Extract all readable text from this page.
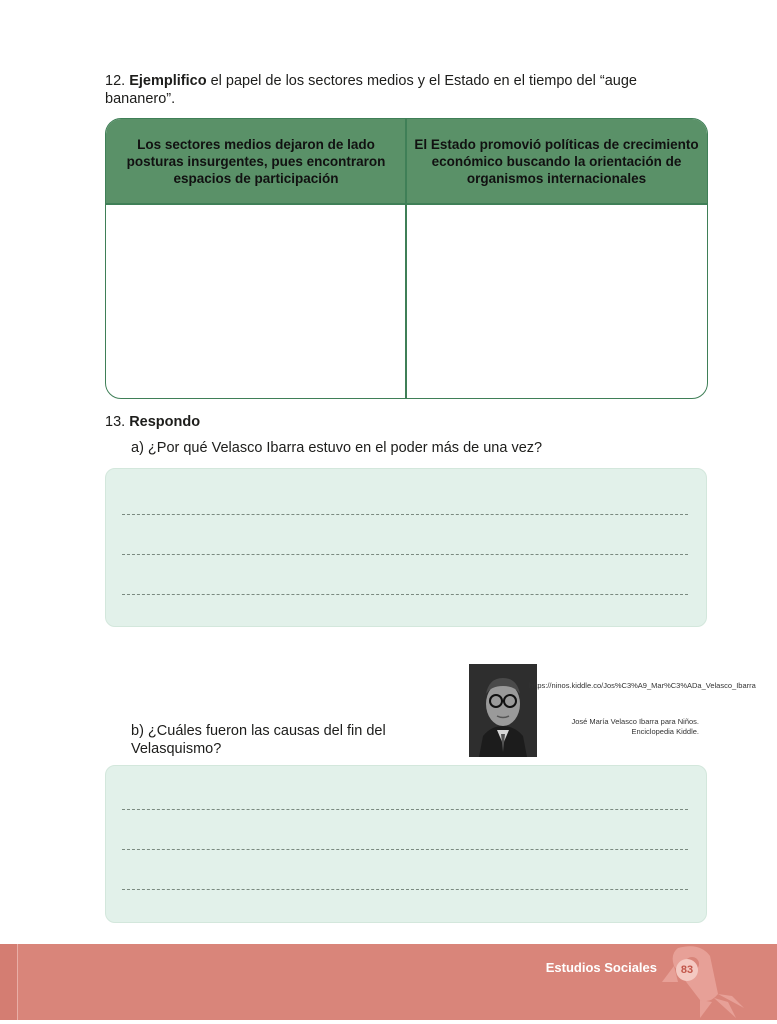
12. Ejemplifico el papel de los sectores medios y el Estado en el tiempo del “auge bananero”.

Los sectores medios dejaron de lado posturas insurgentes, pues encontraron espacios de participación
El Estado promovió políticas de crecimiento económico buscando la orientación de organismos internacionales

13. Respondo

a) ¿Por qué Velasco Ibarra estuvo en el poder más de una vez?

b) ¿Cuáles fueron las causas del fin del Velasquismo?

https://ninos.kiddle.co/Jos%C3%A9_Mar%C3%ADa_Velasco_Ibarra

José María Velasco Ibarra para Niños. Enciclopedia Kiddle.

Estudios Sociales	83
